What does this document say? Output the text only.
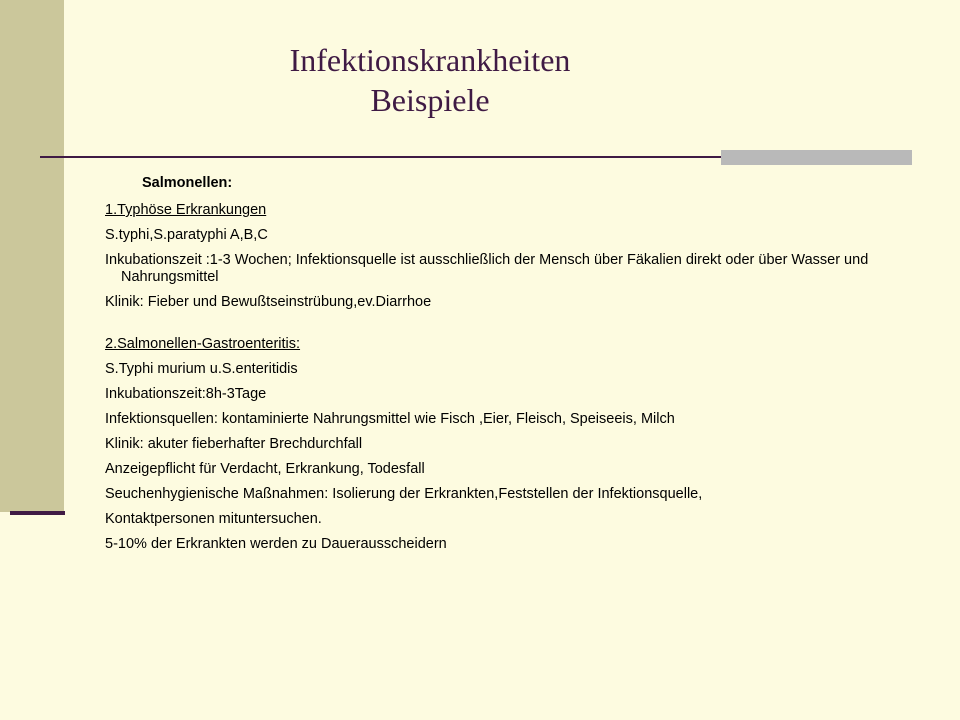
Infektionskrankheiten
Beispiele
Salmonellen:
1.Typhöse Erkrankungen
S.typhi,S.paratyphi A,B,C
Inkubationszeit :1-3 Wochen; Infektionsquelle ist ausschließlich der Mensch über Fäkalien direkt oder über Wasser und Nahrungsmittel
Klinik: Fieber und Bewußtseinstrübung,ev.Diarrhoe
2.Salmonellen-Gastroenteritis:
S.Typhi murium u.S.enteritidis
Inkubationszeit:8h-3Tage
Infektionsquellen: kontaminierte Nahrungsmittel wie Fisch ,Eier, Fleisch, Speiseeis, Milch
Klinik: akuter fieberhafter Brechdurchfall
Anzeigepflicht für Verdacht, Erkrankung, Todesfall
Seuchenhygienische Maßnahmen: Isolierung der Erkrankten,Feststellen der Infektionsquelle,
Kontaktpersonen mituntersuchen.
5-10% der Erkrankten werden zu Dauerausscheidern
